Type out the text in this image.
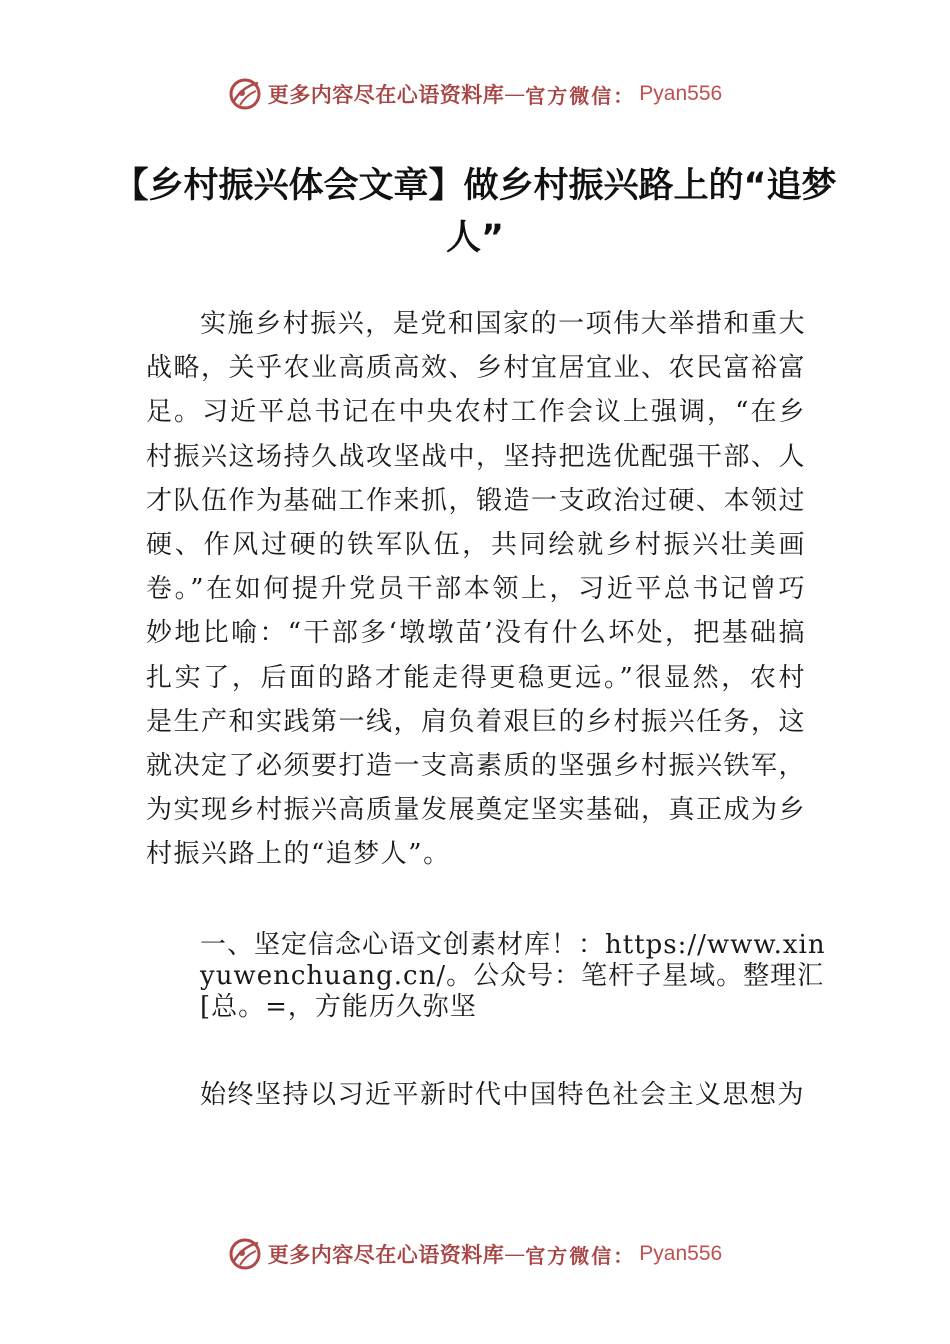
更多内容尽在心语资料库 — 官方微信： Pyan556
【乡村振兴体会文章】做乡村振兴路上的“追梦人”
实施乡村振兴，是党和国家的一项伟大举措和重大战略，关乎农业高质高效、乡村宜居宜业、农民富裕富足。习近平总书记在中央农村工作会议上强调，“在乡村振兴这场持久战攻坚战中，坚持把选优配强干部、人才队伍作为基础工作来抓，锻造一支政治过硬、本领过硬、作风过硬的铁军队伍，共同绘就乡村振兴壮美画卷。”在如何提升党员干部本领上，习近平总书记曾巧妙地比喻：“干部多‘墩墩苗’没有什么坏处，把基础搞扎实了，后面的路才能走得更稳更远。”很显然，农村是生产和实践第一线，肩负着艰巨的乡村振兴任务，这就决定了必须要打造一支高素质的坚强乡村振兴铁军，为实现乡村振兴高质量发展奠定坚实基础，真正成为乡村振兴路上的“追梦人”。
一、坚定信念心语文创素材库！：https://www.xinyuwenchuang.cn/。公众号：笔杆子星域。整理汇[总。=，方能历久弥坚
始终坚持以习近平新时代中国特色社会主义思想为
更多内容尽在心语资料库 — 官方微信： Pyan556
